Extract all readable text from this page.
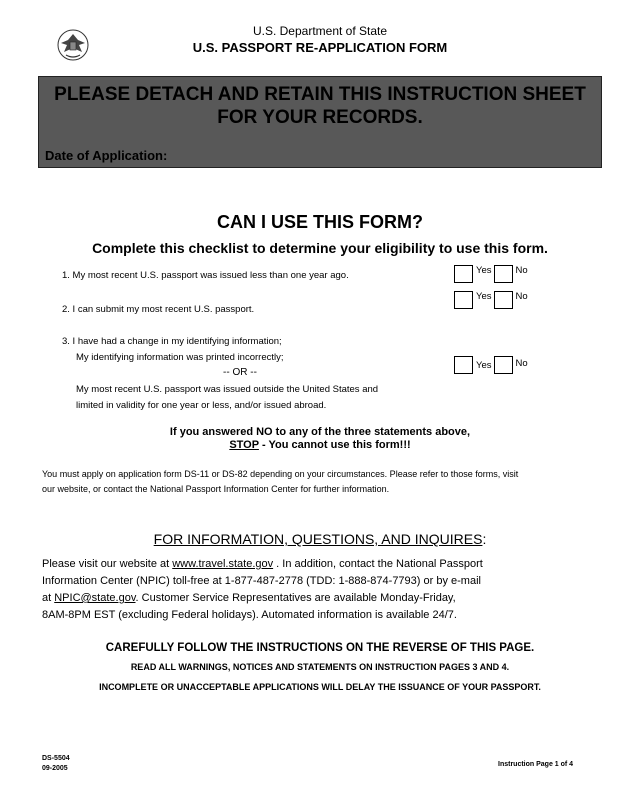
U.S. Department of State
U.S. PASSPORT RE-APPLICATION FORM
PLEASE DETACH AND RETAIN THIS INSTRUCTION SHEET
FOR YOUR RECORDS.
Date of Application:
CAN I USE THIS FORM?
Complete this checklist to determine your eligibility to use this form.
1. My most recent U.S. passport was issued less than one year ago.	Yes	No
2. I can submit my most recent U.S. passport.
Yes	No
3. I have had a change in my identifying information;
My identifying information was printed incorrectly;
-- OR --
My most recent U.S. passport was issued outside the United States and
limited in validity for one year or less, and/or issued abroad.
Yes	No
If you answered NO to any of the three statements above,
STOP - You cannot use this form!!!
You must apply on application form DS-11 or DS-82 depending on your circumstances. Please refer to those forms, visit
our website, or contact the National Passport Information Center for further information.
FOR INFORMATION, QUESTIONS, AND INQUIRES:
Please visit our website at www.travel.state.gov . In addition, contact the National Passport
Information Center (NPIC) toll-free at 1-877-487-2778 (TDD: 1-888-874-7793) or by e-mail
at NPIC@state.gov. Customer Service Representatives are available Monday-Friday,
8AM-8PM EST (excluding Federal holidays). Automated information is available 24/7.
CAREFULLY FOLLOW THE INSTRUCTIONS ON THE REVERSE OF THIS PAGE.
READ ALL WARNINGS, NOTICES AND STATEMENTS ON INSTRUCTION PAGES 3 AND 4.
INCOMPLETE OR UNACCEPTABLE APPLICATIONS WILL DELAY THE ISSUANCE OF YOUR PASSPORT.
DS-5504
09-2005
Instruction Page 1 of 4
